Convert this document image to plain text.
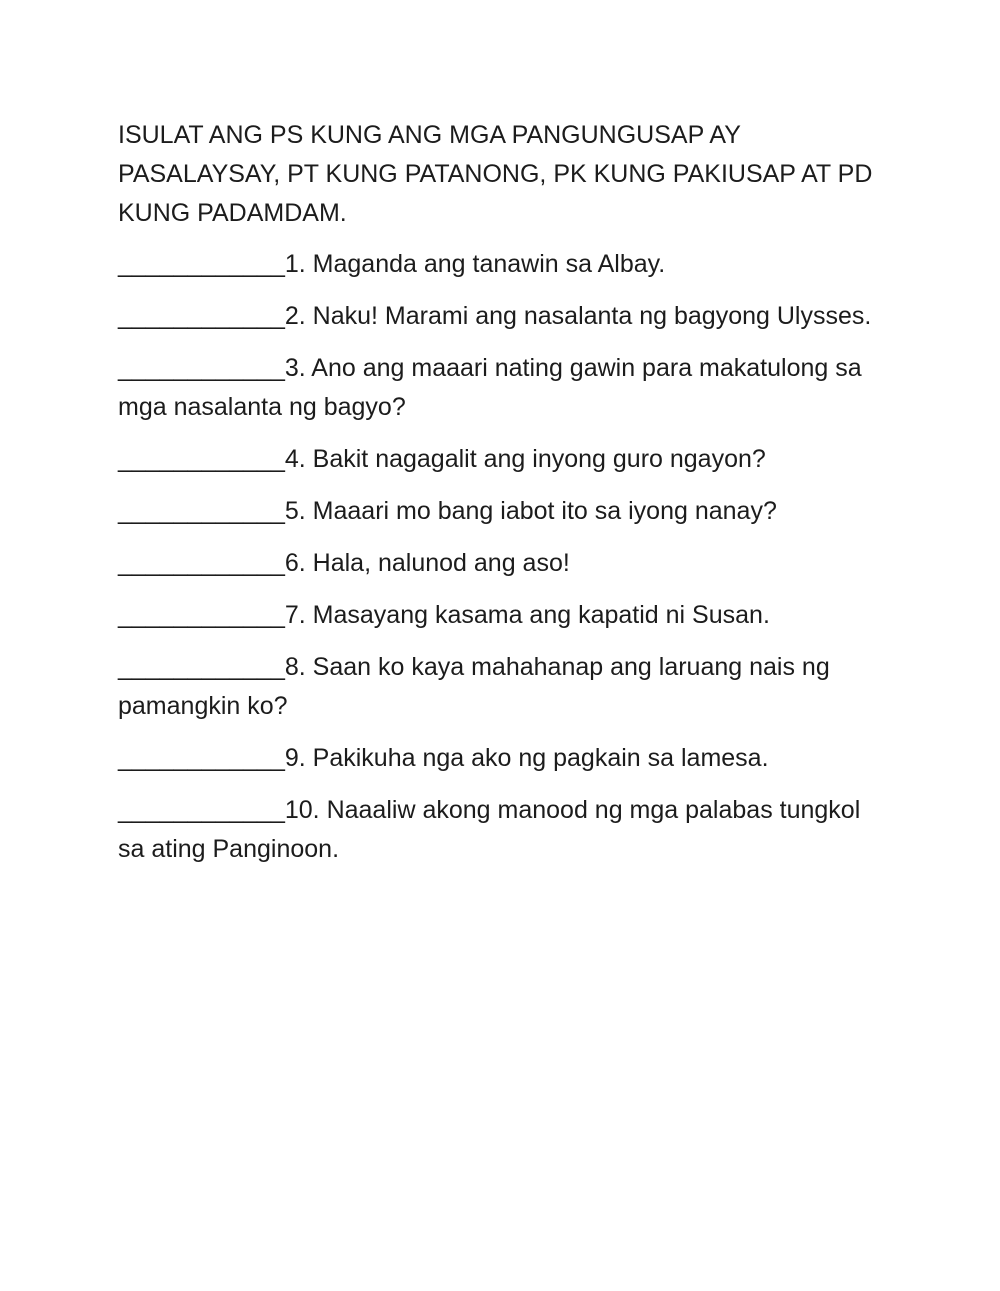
ISULAT ANG PS KUNG ANG MGA PANGUNGUSAP AY PASALAYSAY, PT KUNG PATANONG, PK KUNG PAKIUSAP AT PD KUNG PADAMDAM.
____________1. Maganda ang tanawin sa Albay.
____________2. Naku! Marami ang nasalanta ng bagyong Ulysses.
____________3. Ano ang maaari nating gawin para makatulong sa mga nasalanta ng bagyo?
____________4. Bakit nagagalit ang inyong guro ngayon?
____________5. Maaari mo bang iabot ito sa iyong nanay?
____________6. Hala, nalunod ang aso!
____________7. Masayang kasama ang kapatid ni Susan.
____________8. Saan ko kaya mahahanap ang laruang nais ng pamangkin ko?
____________9. Pakikuha nga ako ng pagkain sa lamesa.
____________10. Naaaliw akong manood ng mga palabas tungkol sa ating Panginoon.
